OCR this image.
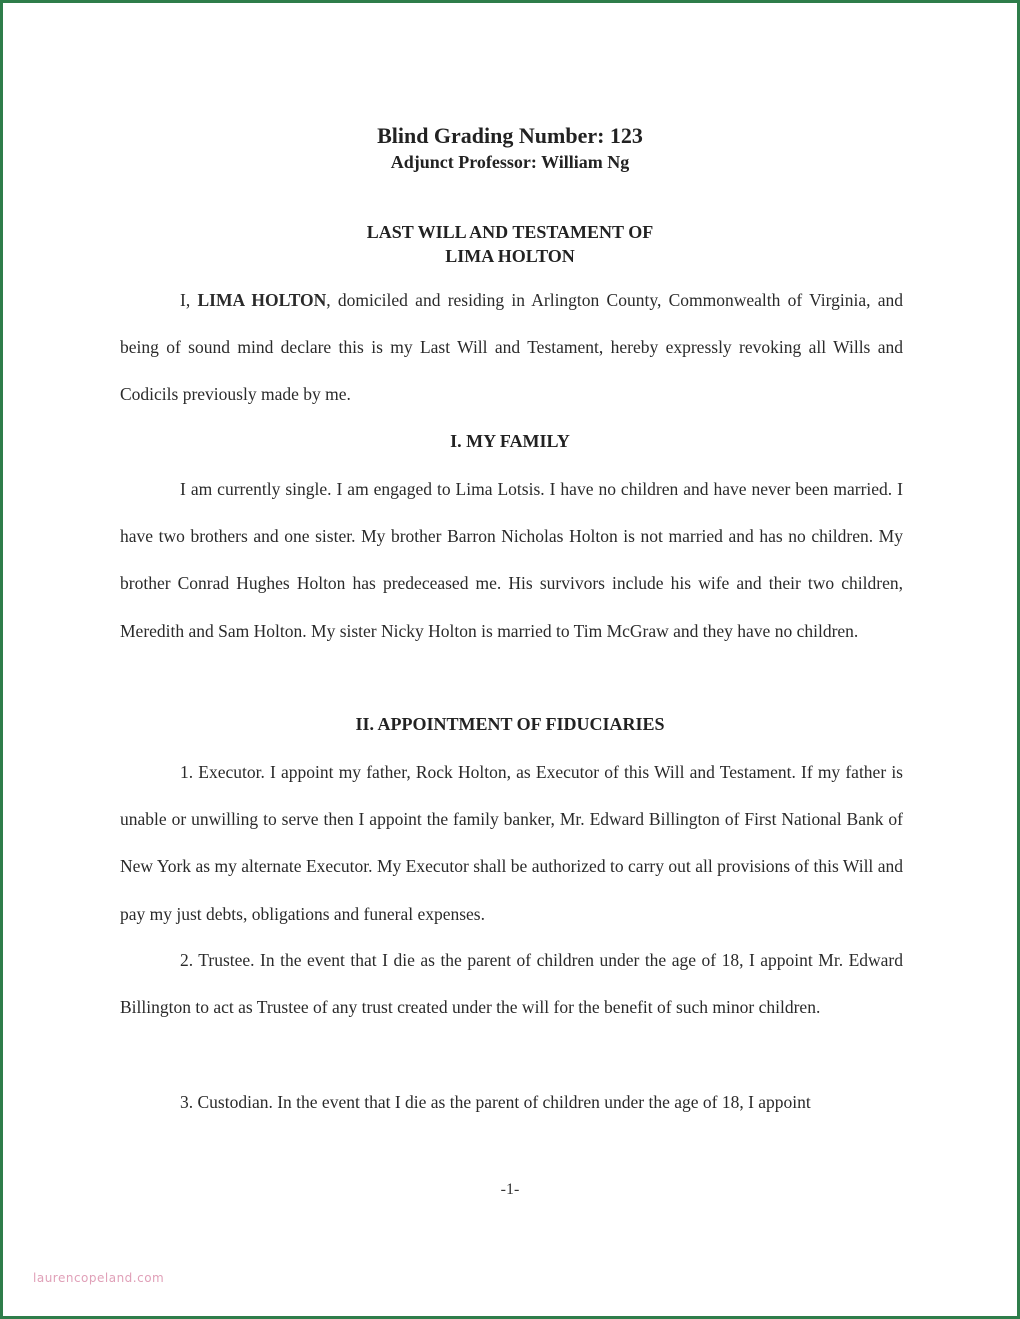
Blind Grading Number: 123
Adjunct Professor: William Ng
LAST WILL AND TESTAMENT OF
LIMA HOLTON

I, LIMA HOLTON, domiciled and residing in Arlington County, Commonwealth of Virginia, and being of sound mind declare this is my Last Will and Testament, hereby expressly revoking all Wills and Codicils previously made by me.

I. MY FAMILY

I am currently single. I am engaged to Lima Lotsis. I have no children and have never been married. I have two brothers and one sister. My brother Barron Nicholas Holton is not married and has no children. My brother Conrad Hughes Holton has predeceased me. His survivors include his wife and their two children, Meredith and Sam Holton. My sister Nicky Holton is married to Tim McGraw and they have no children.

II. APPOINTMENT OF FIDUCIARIES

1. Executor. I appoint my father, Rock Holton, as Executor of this Will and Testament. If my father is unable or unwilling to serve then I appoint the family banker, Mr. Edward Billington of First National Bank of New York as my alternate Executor. My Executor shall be authorized to carry out all provisions of this Will and pay my just debts, obligations and funeral expenses.

2. Trustee. In the event that I die as the parent of children under the age of 18, I appoint Mr. Edward Billington to act as Trustee of any trust created under the will for the benefit of such minor children.

3. Custodian. In the event that I die as the parent of children under the age of 18, I appoint

-1-
laurencopeland.com
